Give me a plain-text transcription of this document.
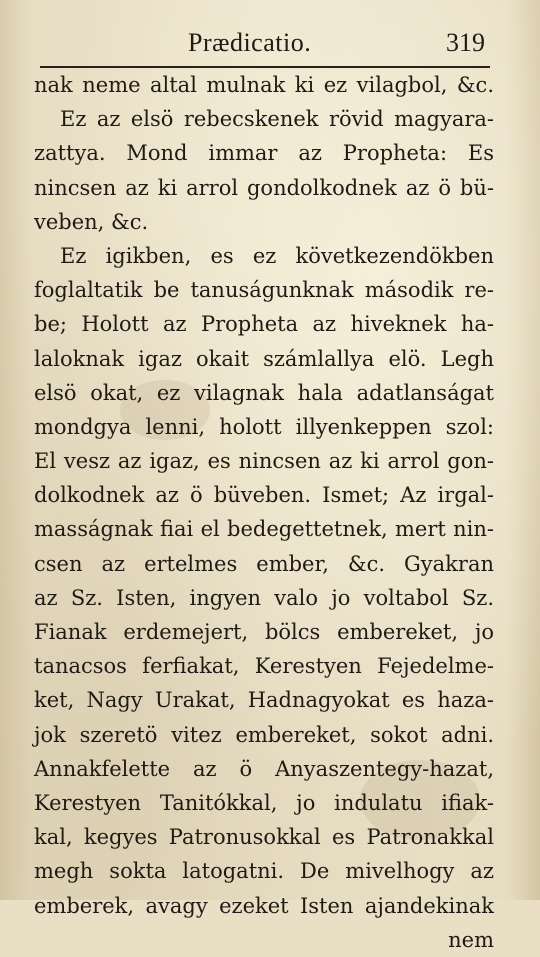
Prædicatio.	319
nak neme altal mulnak ki ez vilagbol, &c.
Ez az elsö rebecskenek rövid magyara-
zattya. Mond immar az Propheta: Es
nincsen az ki arrol gondolkodnek az ö bü-
veben, &c.
Ez igikben, es ez következendökben
foglaltatik be tanuságunknak második re-
be; Holott az Propheta az hiveknek ha-
laloknak igaz okait számlallya elö. Legh
elsö okat, ez vilagnak hala adatlanságat
mondgya lenni, holott illyenkeppen szol:
El vesz az igaz, es nincsen az ki arrol gon-
dolkodnek az ö büveben. Ismet; Az irgal-
masságnak fiai el bedegettetnek, mert nin-
csen az ertelmes ember, &c. Gyakran
az Sz. Isten, ingyen valo jo voltabol Sz.
Fianak erdemejert, bölcs embereket, jo
tanacsos ferfiakat, Kerestyen Fejedelme-
ket, Nagy Urakat, Hadnagyokat es haza-
jok szeretö vitez embereket, sokot adni.
Annakfelette az ö Anyaszentegy-hazat,
Kerestyen Tanitókkal, jo indulatu ifiak-
kal, kegyes Patronusokkal es Patronakkal
megh sokta latogatni. De mivelhogy az
emberek, avagy ezeket Isten ajandekinak
nem
